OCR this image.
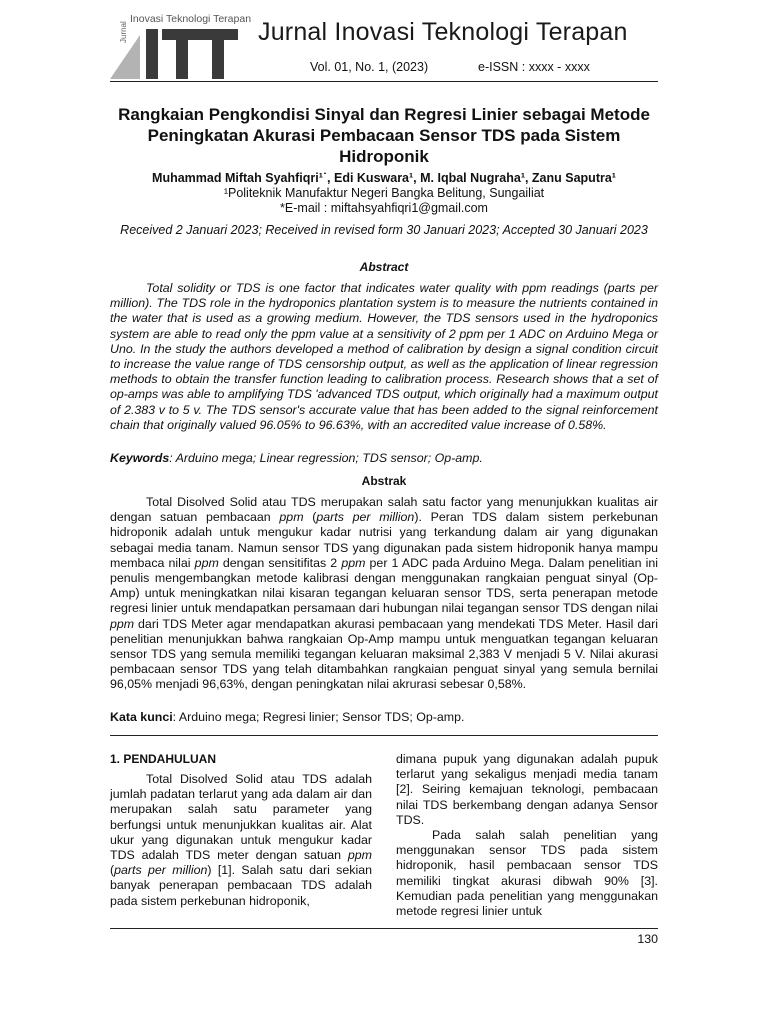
Inovasi Teknologi Terapan
Jurnal	Jurnal Inovasi Teknologi Terapan
Vol. 01, No. 1, (2023)	e-ISSN : xxxx - xxxx
Rangkaian Pengkondisi Sinyal dan Regresi Linier sebagai Metode Peningkatan Akurasi Pembacaan Sensor TDS pada Sistem Hidroponik
Muhammad Miftah Syahfiqri¹˙, Edi Kuswara¹, M. Iqbal Nugraha¹, Zanu Saputra¹
¹Politeknik Manufaktur Negeri Bangka Belitung, Sungailiat
*E-mail : miftahsyahfiqri1@gmail.com
Received 2 Januari 2023; Received in revised form 30 Januari 2023; Accepted 30 Januari 2023
Abstract

Total solidity or TDS is one factor that indicates water quality with ppm readings (parts per million). The TDS role in the hydroponics plantation system is to measure the nutrients contained in the water that is used as a growing medium. However, the TDS sensors used in the hydroponics system are able to read only the ppm value at a sensitivity of 2 ppm per 1 ADC on Arduino Mega or Uno. In the study the authors developed a method of calibration by design a signal condition circuit to increase the value range of TDS censorship output, as well as the application of linear regression methods to obtain the transfer function leading to calibration process. Research shows that a set of op-amps was able to amplifying TDS 'advanced TDS output, which originally had a maximum output of 2.383 v to 5 v. The TDS sensor's accurate value that has been added to the signal reinforcement chain that originally valued 96.05% to 96.63%, with an accredited value increase of 0.58%.

Keywords: Arduino mega; Linear regression; TDS sensor; Op-amp.

Abstrak

Total Disolved Solid atau TDS merupakan salah satu factor yang menunjukkan kualitas air dengan satuan pembacaan ppm (parts per million). Peran TDS dalam sistem perkebunan hidroponik adalah untuk mengukur kadar nutrisi yang terkandung dalam air yang digunakan sebagai media tanam. Namun sensor TDS yang digunakan pada sistem hidroponik hanya mampu membaca nilai ppm dengan sensitifitas 2 ppm per 1 ADC pada Arduino Mega. Dalam penelitian ini penulis mengembangkan metode kalibrasi dengan menggunakan rangkaian penguat sinyal (Op-Amp) untuk meningkatkan nilai kisaran tegangan keluaran sensor TDS, serta penerapan metode regresi linier untuk mendapatkan persamaan dari hubungan nilai tegangan sensor TDS dengan nilai ppm dari TDS Meter agar mendapatkan akurasi pembacaan yang mendekati TDS Meter. Hasil dari penelitian menunjukkan bahwa rangkaian Op-Amp mampu untuk menguatkan tegangan keluaran sensor TDS yang semula memiliki tegangan keluaran maksimal 2,383 V menjadi 5 V. Nilai akurasi pembacaan sensor TDS yang telah ditambahkan rangkaian penguat sinyal yang semula bernilai 96,05% menjadi 96,63%, dengan peningkatan nilai akrurasi sebesar 0,58%.

Kata kunci: Arduino mega; Regresi linier; Sensor TDS; Op-amp.

1. PENDAHULUAN

Total Disolved Solid atau TDS adalah jumlah padatan terlarut yang ada dalam air dan merupakan salah satu parameter yang berfungsi untuk menunjukkan kualitas air. Alat ukur yang digunakan untuk mengukur kadar TDS adalah TDS meter dengan satuan ppm (parts per million) [1]. Salah satu dari sekian banyak penerapan pembacaan TDS adalah pada sistem perkebunan hidroponik,

dimana pupuk yang digunakan adalah pupuk terlarut yang sekaligus menjadi media tanam [2]. Seiring kemajuan teknologi, pembacaan nilai TDS berkembang dengan adanya Sensor TDS.

Pada salah salah penelitian yang menggunakan sensor TDS pada sistem hidroponik, hasil pembacaan sensor TDS memiliki tingkat akurasi dibwah 90% [3]. Kemudian pada penelitian yang menggunakan metode regresi linier untuk

130
